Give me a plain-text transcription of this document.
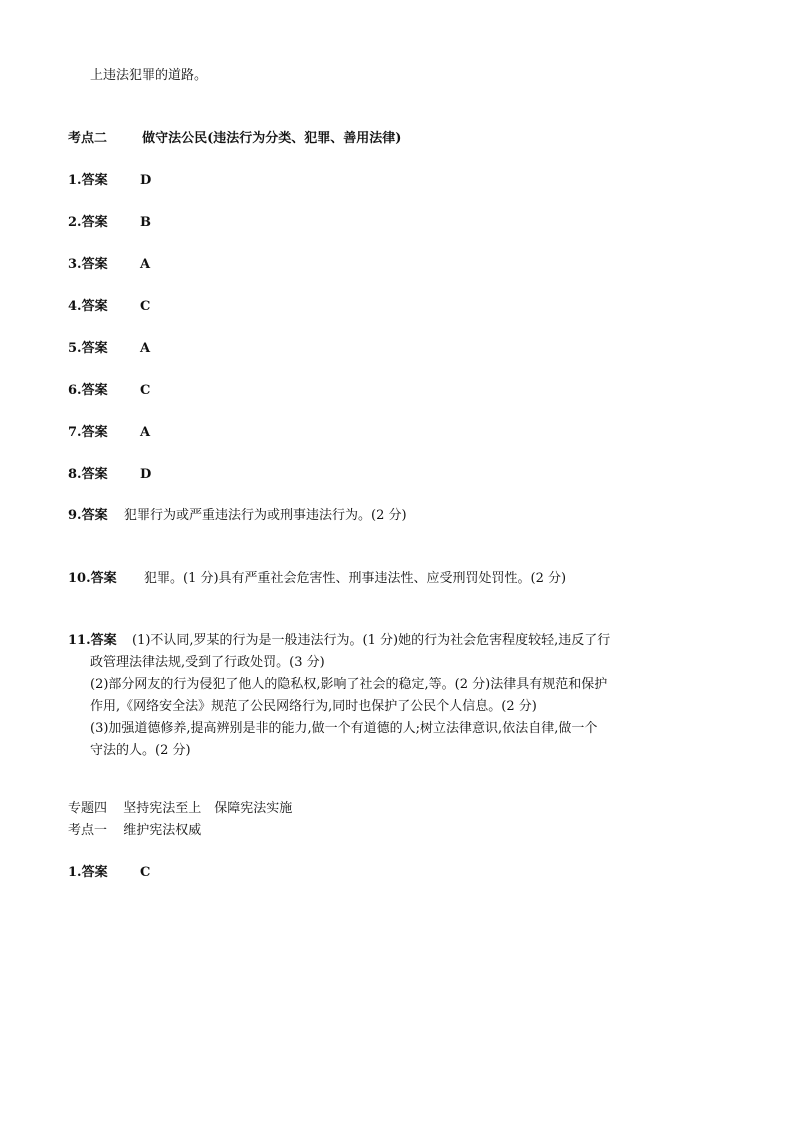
上违法犯罪的道路。
考点二	做守法公民(违法行为分类、犯罪、善用法律)
1.答案 D
2.答案 B
3.答案 A
4.答案 C
5.答案 A
6.答案 C
7.答案 A
8.答案 D
9.答案 犯罪行为或严重违法行为或刑事违法行为。(2 分)
10.答案 犯罪。(1 分)具有严重社会危害性、刑事违法性、应受刑罚处罚性。(2 分)
11.答案 (1)不认同,罗某的行为是一般违法行为。(1 分)她的行为社会危害程度较轻,违反了行
政管理法律法规,受到了行政处罚。(3 分)
(2)部分网友的行为侵犯了他人的隐私权,影响了社会的稳定,等。(2 分)法律具有规范和保护
作用,《网络安全法》规范了公民网络行为,同时也保护了公民个人信息。(2 分)
(3)加强道德修养,提高辨别是非的能力,做一个有道德的人;树立法律意识,依法自律,做一个
守法的人。(2 分)
专题四 坚持宪法至上　保障宪法实施
考点一 维护宪法权威
1.答案 C
